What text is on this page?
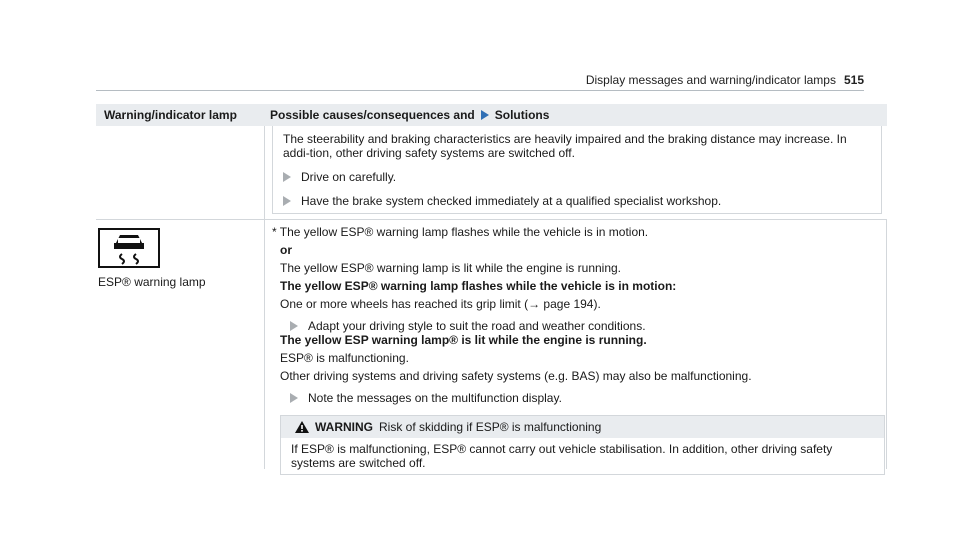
Display messages and warning/indicator lamps 515
Warning/indicator lamp	Possible causes/consequences and Solutions
The steerability and braking characteristics are heavily impaired and the braking distance may increase. In addi-tion, other driving safety systems are switched off.
Drive on carefully.
Have the brake system checked immediately at a qualified specialist workshop.
ESP® warning lamp
* The yellow ESP® warning lamp flashes while the vehicle is in motion.
or
The yellow ESP® warning lamp is lit while the engine is running.
The yellow ESP® warning lamp flashes while the vehicle is in motion:
One or more wheels has reached its grip limit (→ page 194).
Adapt your driving style to suit the road and weather conditions.
The yellow ESP warning lamp® is lit while the engine is running.
ESP® is malfunctioning.
Other driving systems and driving safety systems (e.g. BAS) may also be malfunctioning.
Note the messages on the multifunction display.
WARNING Risk of skidding if ESP® is malfunctioning
If ESP® is malfunctioning, ESP® cannot carry out vehicle stabilisation. In addition, other driving safety systems are switched off.
